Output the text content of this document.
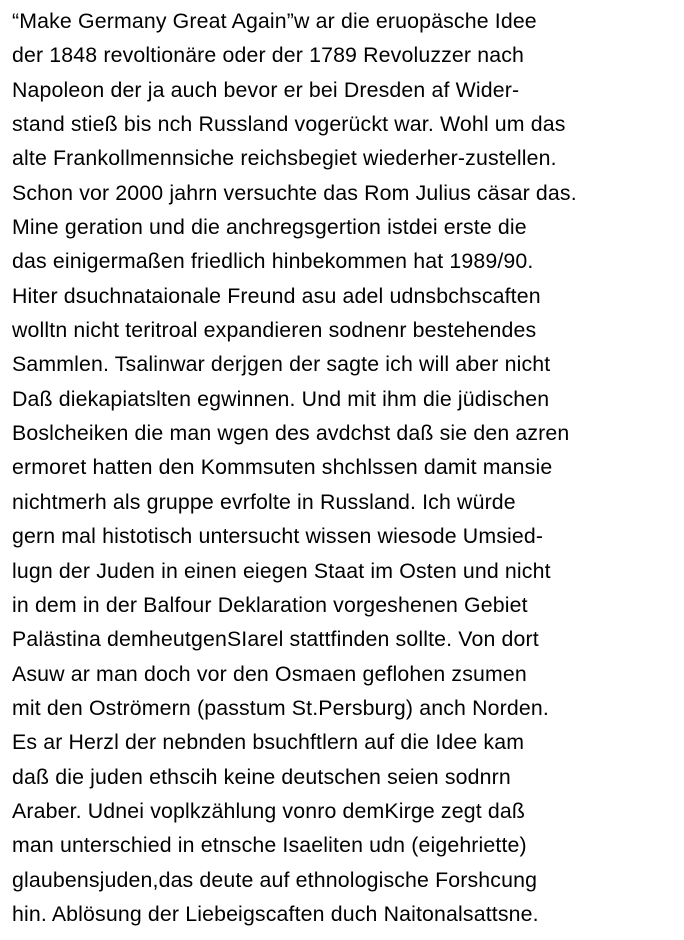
“Make Germany Great Again”w ar die eruopäsche Idee
der 1848 revoltionäre oder der 1789 Revoluzzer nach
Napoleon der ja auch bevor er bei Dresden af Wider-
stand stieß bis nch Russland vogerückt war. Wohl um das
alte Frankollmennsiche reichsbegiet wiederher-zustellen.
Schon vor 2000 jahrn versuchte das Rom Julius cäsar das.
Mine geration und die anchregsgertion istdei erste die
das einigermaßen friedlich hinbekommen hat 1989/90.
Hiter dsuchnataionale Freund asu adel udnsbchscaften
wolltn nicht teritroal expandieren sodnenr bestehendes
Sammlen. Tsalinwar derjgen der sagte ich will aber nicht
Daß diekapiatslten egwinnen. Und mit ihm die jüdischen
Boslcheiken die man wgen des avdchst daß sie den azren
ermoret hatten den Kommsuten shchlssen damit mansie
nichtmerh als gruppe evrfolte in Russland. Ich würde
gern mal histotisch untersucht wissen wiesode Umsied-
lugn der Juden in einen eiegen Staat im Osten und nicht
in dem in der Balfour Deklaration vorgeshenen Gebiet
Palästina demheutgenSIarel stattfinden sollte. Von dort
Asuw ar man doch vor den Osmaen geflohen zsumen
mit den Oströmern (passtum St.Persburg) anch Norden.
Es ar Herzl der nebnden bsuchftlern auf die Idee kam
daß die juden ethscih keine deutschen seien sodnrn
Araber. Udnei voplkzählung vonro demKirge zegt daß
man unterschied in etnsche Isaeliten udn (eigehriette)
glaubensjuden,das deute auf ethnologische Forshcung
hin. Ablösung der Liebeigscaften duch Naitonalsattsne.
